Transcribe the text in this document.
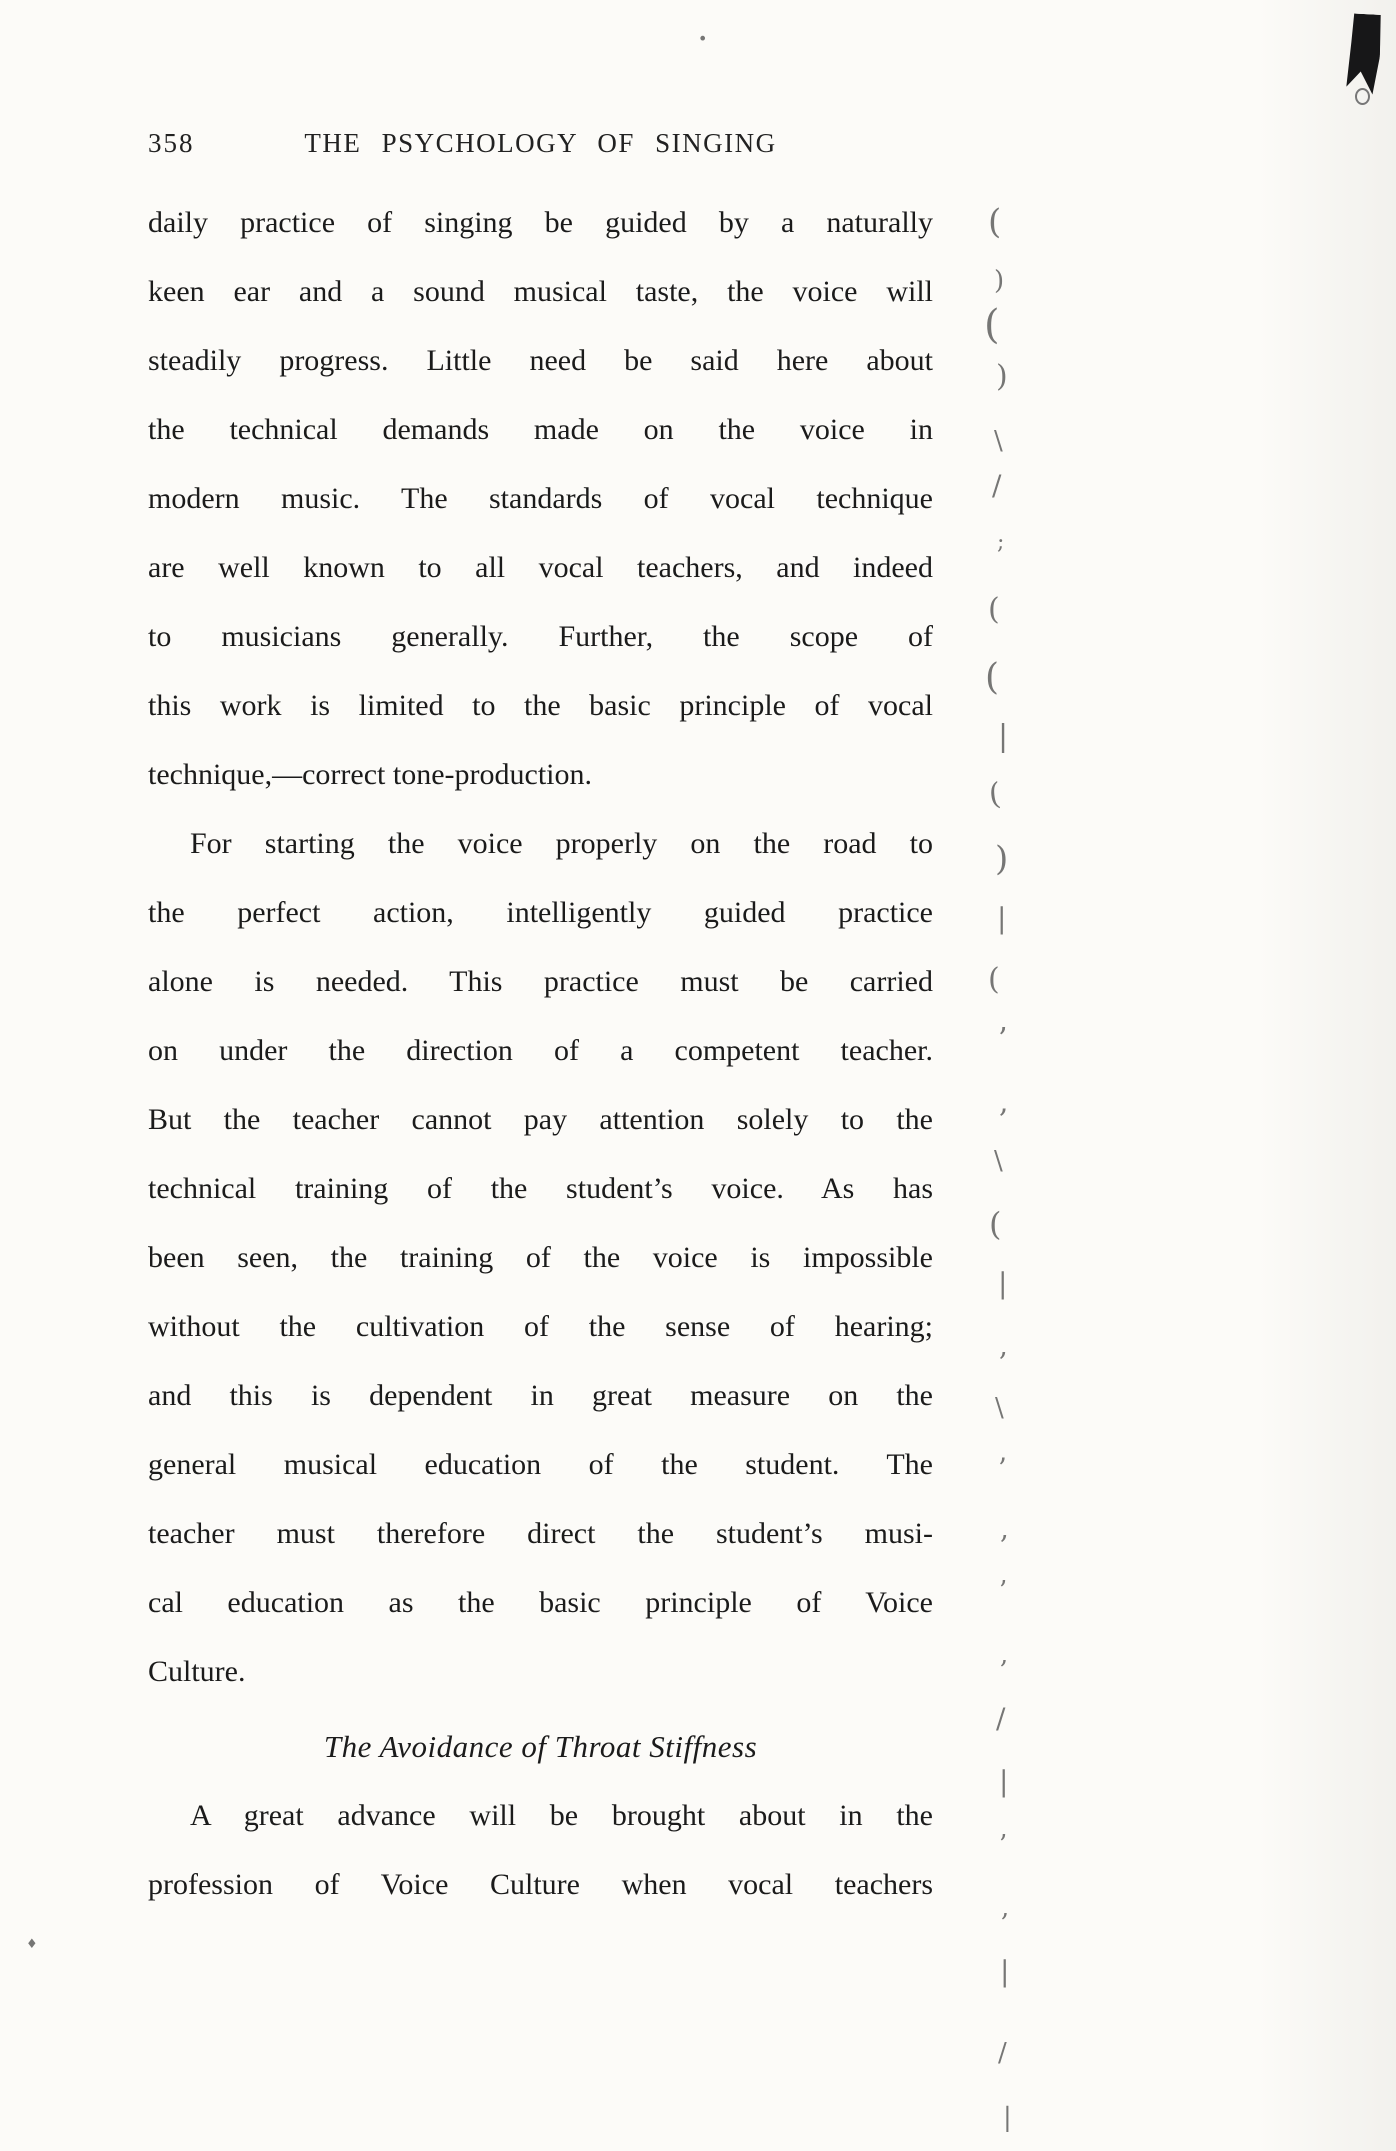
358	THE PSYCHOLOGY OF SINGING
daily practice of singing be guided by a naturally
keen ear and a sound musical taste, the voice will
steadily progress. Little need be said here about
the technical demands made on the voice in
modern music. The standards of vocal technique
are well known to all vocal teachers, and indeed
to musicians generally. Further, the scope of
this work is limited to the basic principle of vocal
technique,—correct tone-production.
For starting the voice properly on the road to
the perfect action, intelligently guided practice
alone is needed. This practice must be carried
on under the direction of a competent teacher.
But the teacher cannot pay attention solely to the
technical training of the student’s voice. As has
been seen, the training of the voice is impossible
without the cultivation of the sense of hearing;
and this is dependent in great measure on the
general musical education of the student. The
teacher must therefore direct the student’s musi-
cal education as the basic principle of Voice
Culture.
The Avoidance of Throat Stiffness
A great advance will be brought about in the
profession of Voice Culture when vocal teachers
·
(
)
(
)
\
/
;
(
(
|
(
)
|
(
’
,
\
(
|
,
\
’
,
’
,
/
|
’
,
|
/
|
♦
